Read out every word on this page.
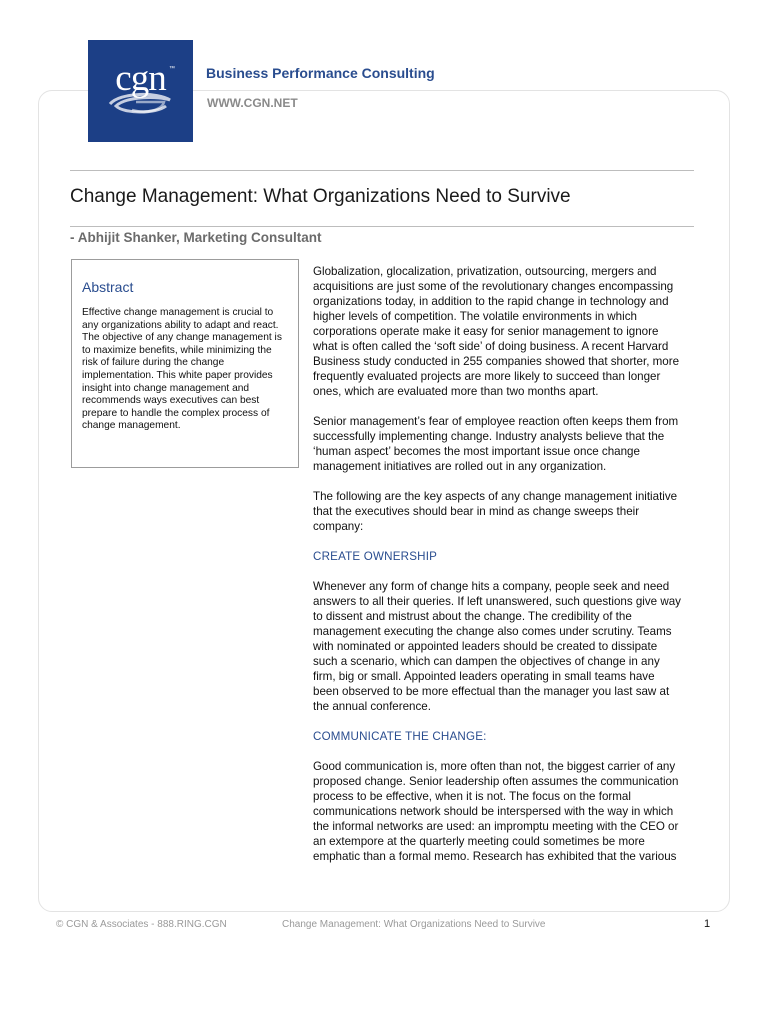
cgn ™ Business Performance Consulting
WWW.CGN.NET
Change Management: What Organizations Need to Survive
- Abhijit Shanker, Marketing Consultant
Abstract
Effective change management is crucial to any organizations ability to adapt and react. The objective of any change management is to maximize benefits, while minimizing the risk of failure during the change implementation. This white paper provides insight into change management and recommends ways executives can best prepare to handle the complex process of change management.

Globalization, glocalization, privatization, outsourcing, mergers and acquisitions are just some of the revolutionary changes encompassing organizations today, in addition to the rapid change in technology and higher levels of competition. The volatile environments in which corporations operate make it easy for senior management to ignore what is often called the ‘soft side’ of doing business. A recent Harvard Business study conducted in 255 companies showed that shorter, more frequently evaluated projects are more likely to succeed than longer ones, which are evaluated more than two months apart.

Senior management’s fear of employee reaction often keeps them from successfully implementing change. Industry analysts believe that the ‘human aspect’ becomes the most important issue once change management initiatives are rolled out in any organization.

The following are the key aspects of any change management initiative that the executives should bear in mind as change sweeps their company:

CREATE OWNERSHIP

Whenever any form of change hits a company, people seek and need answers to all their queries. If left unanswered, such questions give way to dissent and mistrust about the change. The credibility of the management executing the change also comes under scrutiny. Teams with nominated or appointed leaders should be created to dissipate such a scenario, which can dampen the objectives of change in any firm, big or small. Appointed leaders operating in small teams have been observed to be more effectual than the manager you last saw at the annual conference.

COMMUNICATE THE CHANGE:

Good communication is, more often than not, the biggest carrier of any proposed change. Senior leadership often assumes the communication process to be effective, when it is not. The focus on the formal communications network should be interspersed with the way in which the informal networks are used: an impromptu meeting with the CEO or an extempore at the quarterly meeting could sometimes be more emphatic than a formal memo. Research has exhibited that the various

© CGN & Associates - 888.RING.CGN	Change Management: What Organizations Need to Survive	1
